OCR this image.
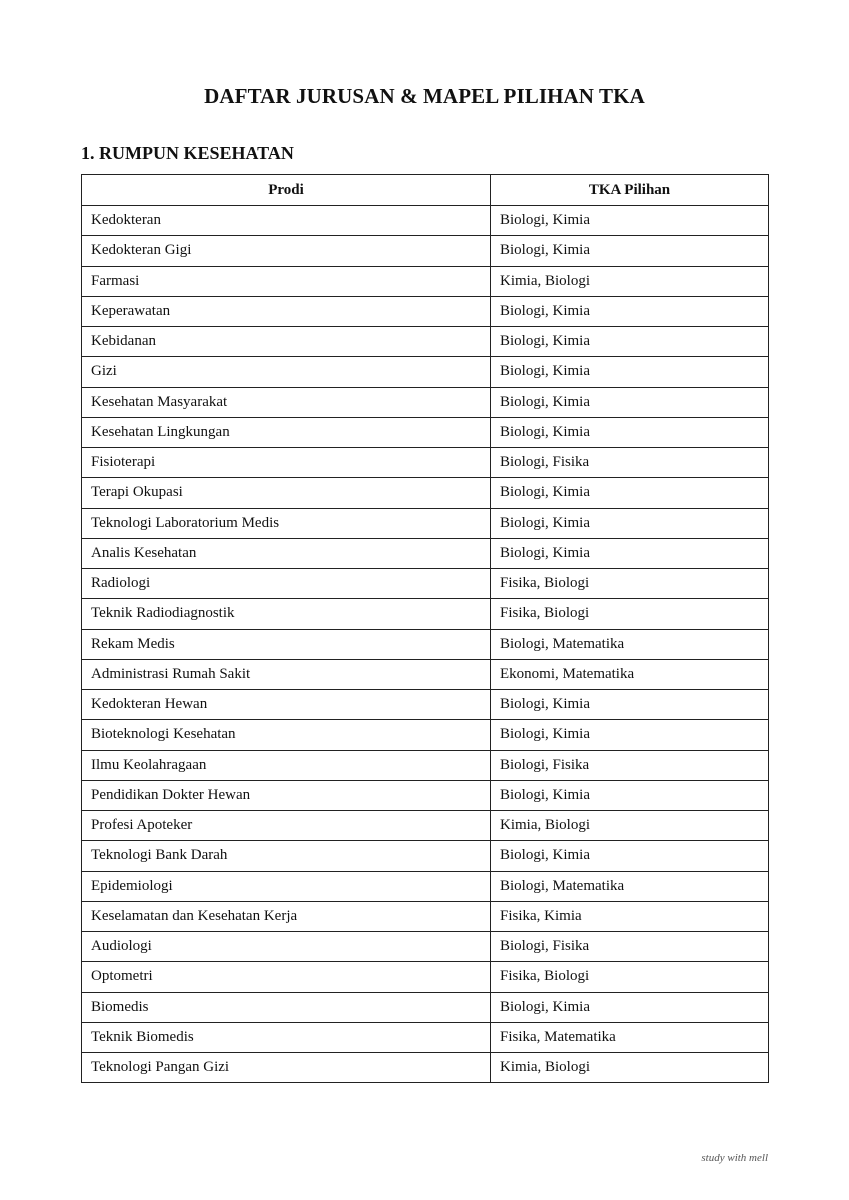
DAFTAR JURUSAN & MAPEL PILIHAN TKA
1. RUMPUN KESEHATAN
Prodi	TKA Pilihan
Kedokteran	Biologi, Kimia
Kedokteran Gigi	Biologi, Kimia
Farmasi	Kimia, Biologi
Keperawatan	Biologi, Kimia
Kebidanan	Biologi, Kimia
Gizi	Biologi, Kimia
Kesehatan Masyarakat	Biologi, Kimia
Kesehatan Lingkungan	Biologi, Kimia
Fisioterapi	Biologi, Fisika
Terapi Okupasi	Biologi, Kimia
Teknologi Laboratorium Medis	Biologi, Kimia
Analis Kesehatan	Biologi, Kimia
Radiologi	Fisika, Biologi
Teknik Radiodiagnostik	Fisika, Biologi
Rekam Medis	Biologi, Matematika
Administrasi Rumah Sakit	Ekonomi, Matematika
Kedokteran Hewan	Biologi, Kimia
Bioteknologi Kesehatan	Biologi, Kimia
Ilmu Keolahragaan	Biologi, Fisika
Pendidikan Dokter Hewan	Biologi, Kimia
Profesi Apoteker	Kimia, Biologi
Teknologi Bank Darah	Biologi, Kimia
Epidemiologi	Biologi, Matematika
Keselamatan dan Kesehatan Kerja	Fisika, Kimia
Audiologi	Biologi, Fisika
Optometri	Fisika, Biologi
Biomedis	Biologi, Kimia
Teknik Biomedis	Fisika, Matematika
Teknologi Pangan Gizi	Kimia, Biologi
study with mell
